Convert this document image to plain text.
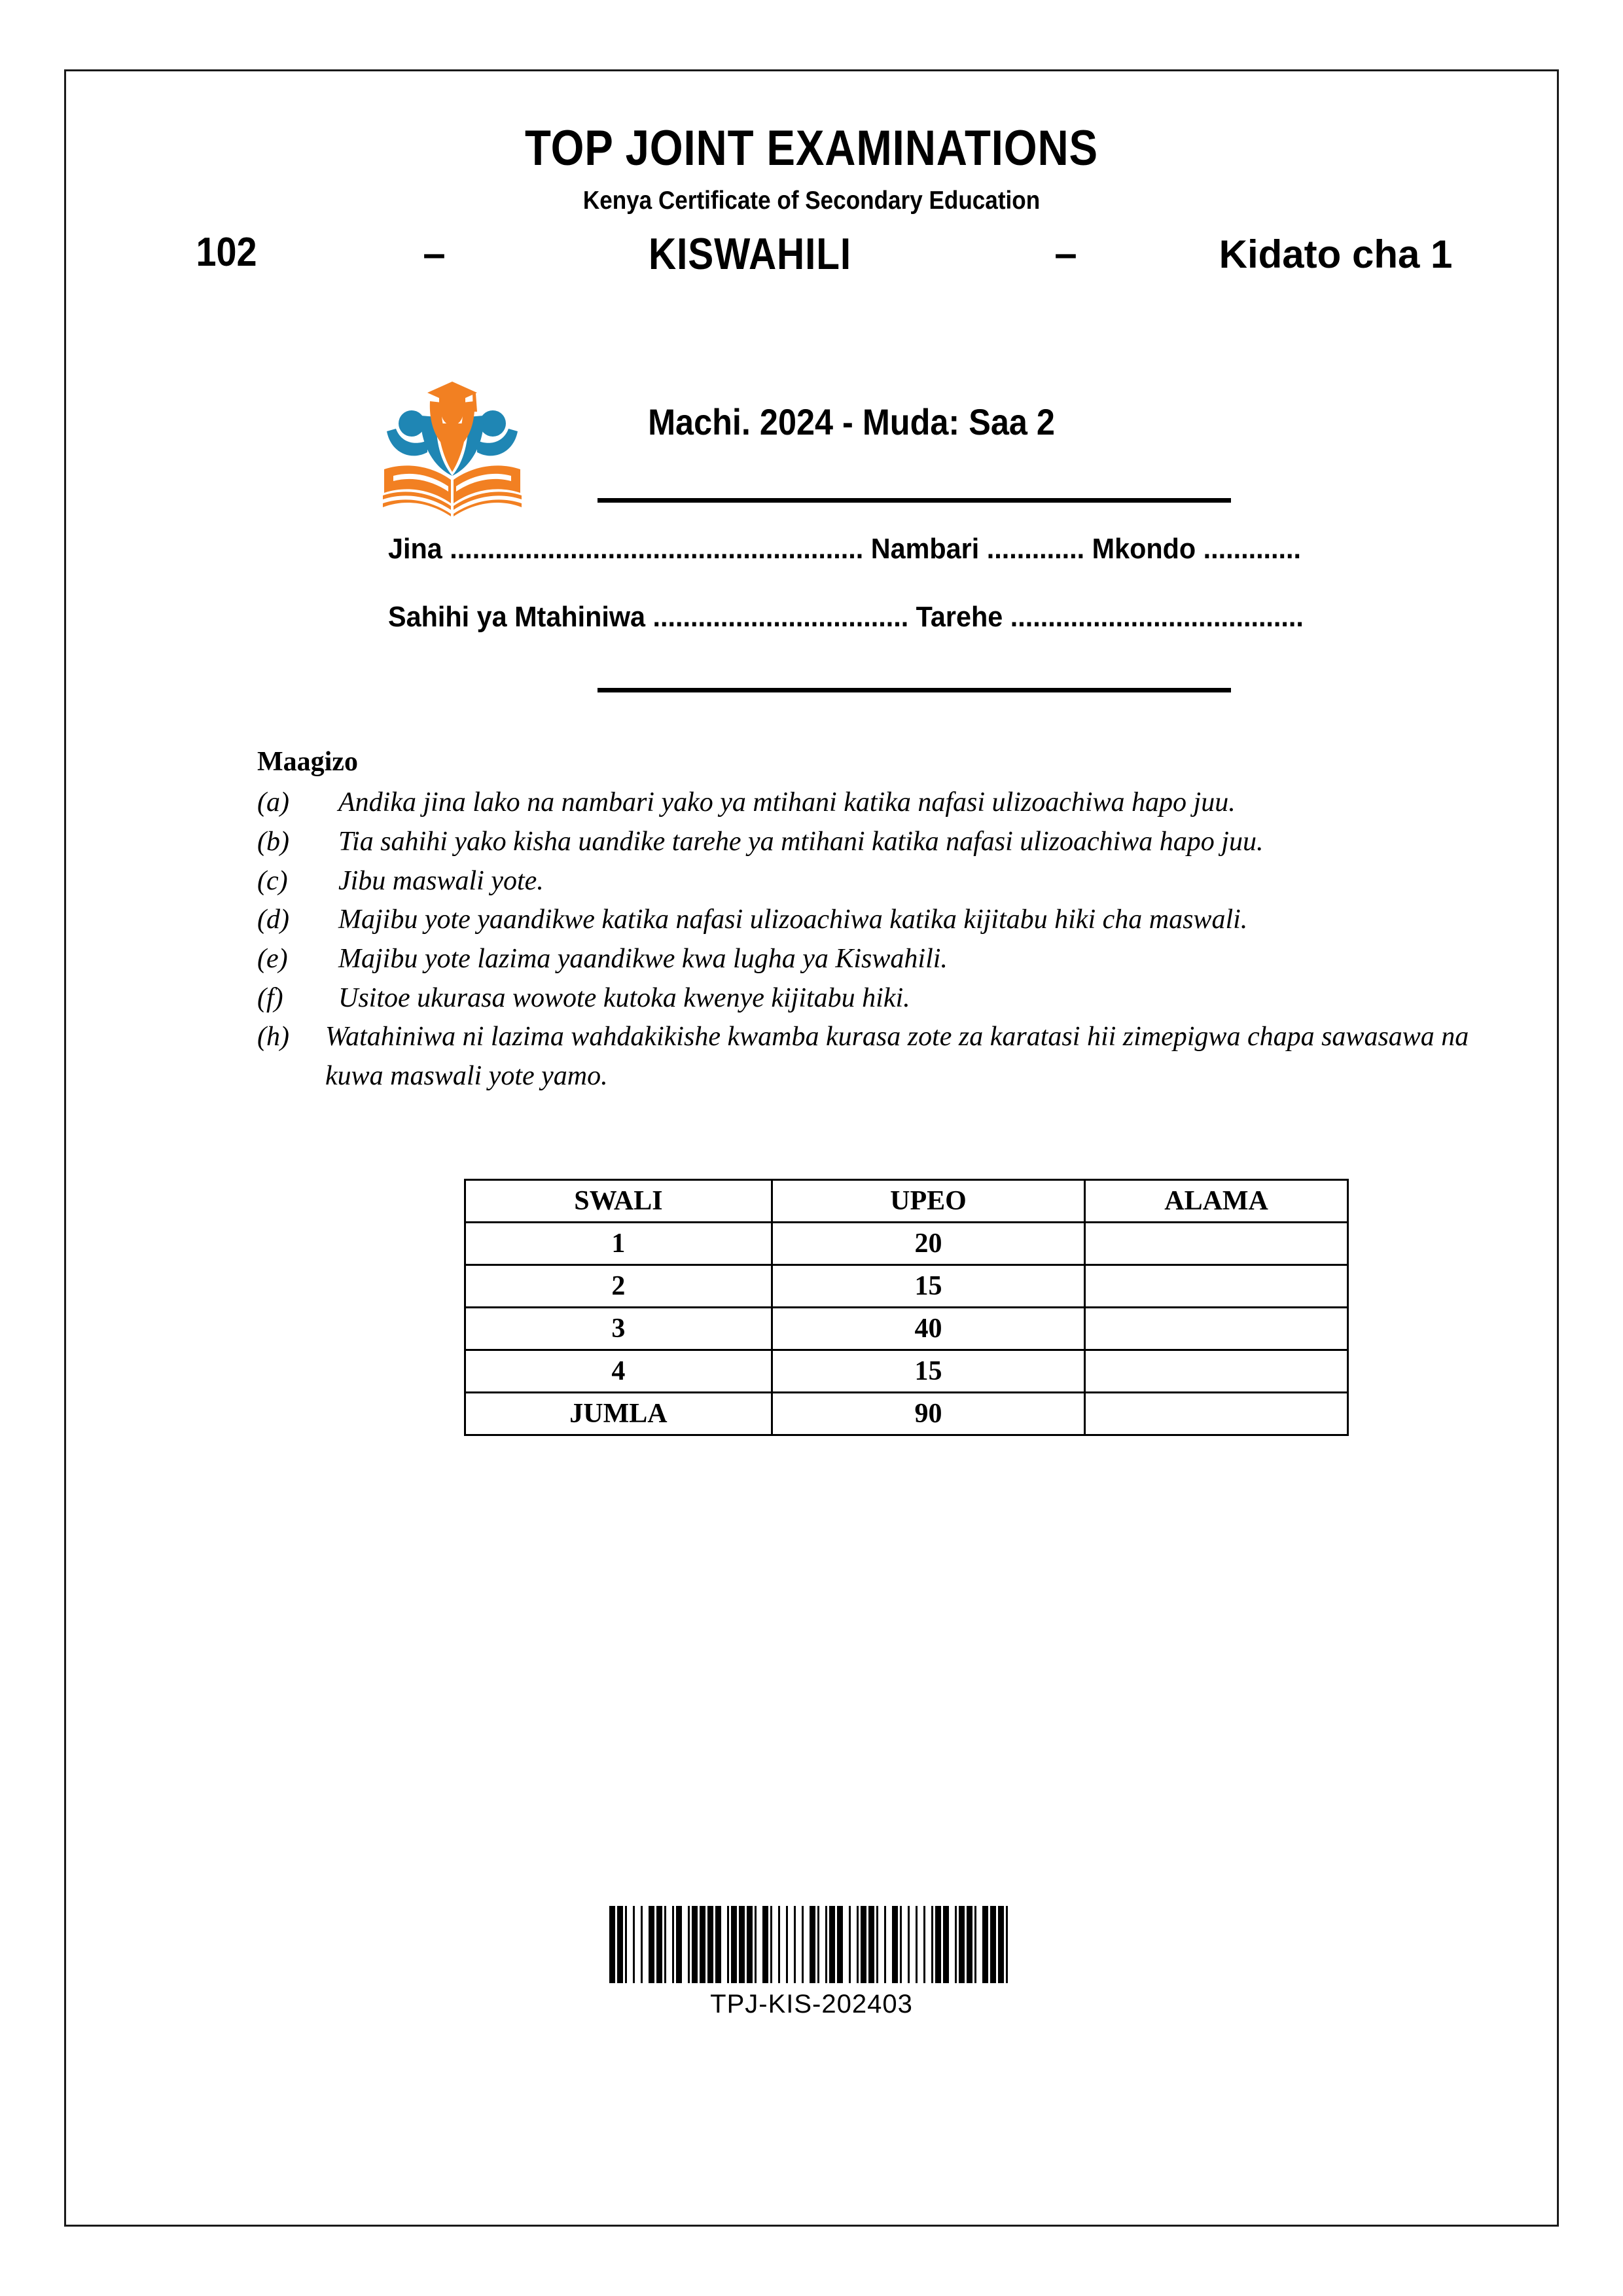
TOP JOINT EXAMINATIONS
Kenya Certificate of Secondary Education
102	–	KISWAHILI	–	Kidato cha 1
Machi. 2024 - Muda: Saa 2
Jina ....................................................... Nambari ............. Mkondo .............
Sahihi ya Mtahiniwa .................................. Tarehe .......................................
Maagizo
(a)	Andika jina lako na nambari yako ya mtihani katika nafasi ulizoachiwa hapo juu.
(b)	Tia sahihi yako kisha uandike tarehe ya mtihani katika nafasi ulizoachiwa hapo juu.
(c)	Jibu maswali yote.
(d)	Majibu yote yaandikwe katika nafasi ulizoachiwa katika kijitabu hiki cha maswali.
(e)	Majibu yote lazima yaandikwe kwa lugha ya Kiswahili.
(f)	Usitoe ukurasa wowote kutoka kwenye kijitabu hiki.
(h)	Watahiniwa ni lazima wahdakikishe kwamba kurasa zote za karatasi hii zimepigwa chapa sawasawa na kuwa maswali yote yamo.
SWALI	UPEO	ALAMA
1	20	
2	15	
3	40	
4	15	
JUMLA	90	
TPJ-KIS-202403
